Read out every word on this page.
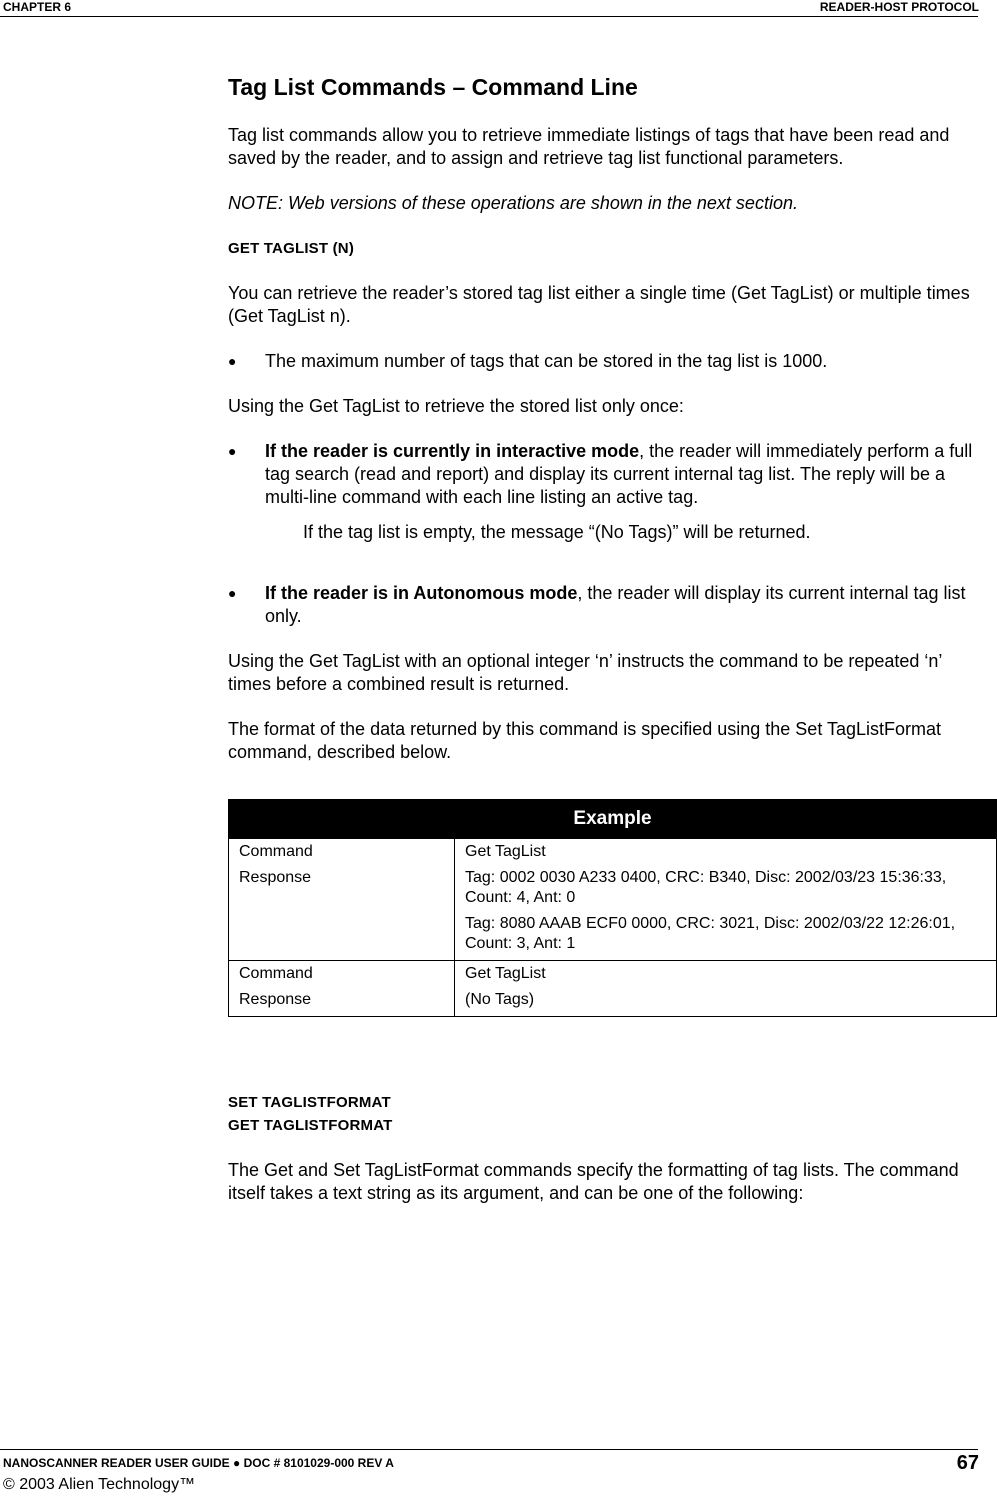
CHAPTER 6	READER-HOST PROTOCOL
Tag List Commands – Command Line

Tag list commands allow you to retrieve immediate listings of tags that have been read and saved by the reader, and to assign and retrieve tag list functional parameters.

NOTE: Web versions of these operations are shown in the next section.

GET TAGLIST (N)

You can retrieve the reader’s stored tag list either a single time (Get TagList) or multiple times (Get TagList n).

● The maximum number of tags that can be stored in the tag list is 1000.

Using the Get TagList to retrieve the stored list only once:

● If the reader is currently in interactive mode, the reader will immediately perform a full tag search (read and report) and display its current internal tag list. The reply will be a multi-line command with each line listing an active tag.

If the tag list is empty, the message “(No Tags)” will be returned.

● If the reader is in Autonomous mode, the reader will display its current internal tag list only.

Using the Get TagList with an optional integer ‘n’ instructs the command to be repeated ‘n’ times before a combined result is returned.

The format of the data returned by this command is specified using the Set TagListFormat command, described below.

Example	
Command	Get TagList
Response	Tag: 0002 0030 A233 0400, CRC: B340, Disc: 2002/03/23 15:36:33, Count: 4, Ant: 0
Tag: 8080 AAAB ECF0 0000, CRC: 3021, Disc: 2002/03/22 12:26:01, Count: 3, Ant: 1

Command	Get TagList
Response	(No Tags)

SET TAGLISTFORMAT

GET TAGLISTFORMAT

The Get and Set TagListFormat commands specify the formatting of tag lists. The command itself takes a text string as its argument, and can be one of the following:

NANOSCANNER READER USER GUIDE ● DOC # 8101029-000 REV A	67
© 2003 Alien Technology™
